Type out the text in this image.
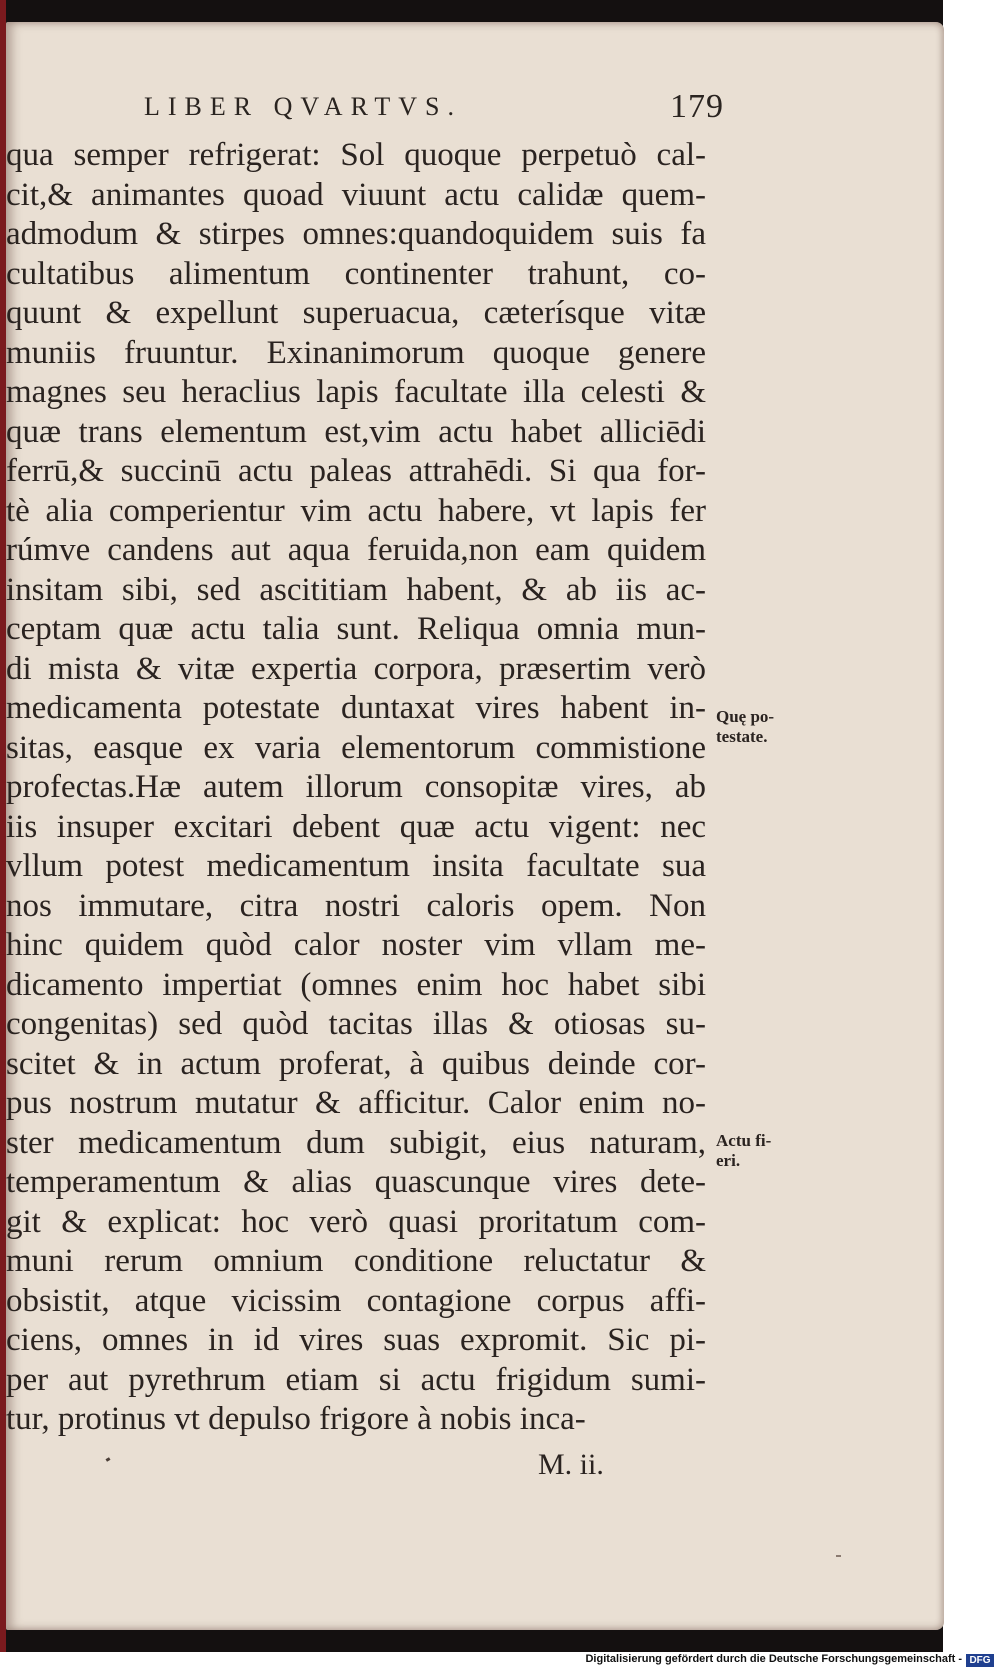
LIBER QVARTVS.	179
qua semper refrigerat: Sol quoque perpetuò cal-
cit,& animantes quoad viuunt actu calidæ quem-
admodum & stirpes omnes:quandoquidem suis fa
cultatibus alimentum continenter trahunt, co-
quunt & expellunt superuacua, cæterísque vitæ
muniis fruuntur. Exinanimorum quoque genere
magnes seu heraclius lapis facultate illa celesti &
quæ trans elementum est,vim actu habet alliciēdi
ferrū,& succinū actu paleas attrahēdi. Si qua for-
tè alia comperientur vim actu habere, vt lapis fer
rúmve candens aut aqua feruida,non eam quidem
insitam sibi, sed ascititiam habent, & ab iis ac-
ceptam quæ actu talia sunt. Reliqua omnia mun-
di mista & vitæ expertia corpora, præsertim verò
medicamenta potestate duntaxat vires habent in-
sitas, easque ex varia elementorum commistione
profectas.Hæ autem illorum consopitæ vires, ab
iis insuper excitari debent quæ actu vigent: nec
vllum potest medicamentum insita facultate sua
nos immutare, citra nostri caloris opem. Non
hinc quidem quòd calor noster vim vllam me-
dicamento impertiat (omnes enim hoc habet sibi
congenitas) sed quòd tacitas illas & otiosas su-
scitet & in actum proferat, à quibus deinde cor-
pus nostrum mutatur & afficitur. Calor enim no-
ster medicamentum dum subigit, eius naturam,
temperamentum & alias quascunque vires dete-
git & explicat: hoc verò quasi proritatum com-
muni rerum omnium conditione reluctatur &
obsistit, atque vicissim contagione corpus affi-
ciens, omnes in id vires suas expromit. Sic pi-
per aut pyrethrum etiam si actu frigidum sumi-
tur, protinus vt depulso frigore à nobis inca-
Quę po-
testate.
Actu fi-
eri.
M. ii.
Digitalisierung gefördert durch die Deutsche Forschungsgemeinschaft - DFG
